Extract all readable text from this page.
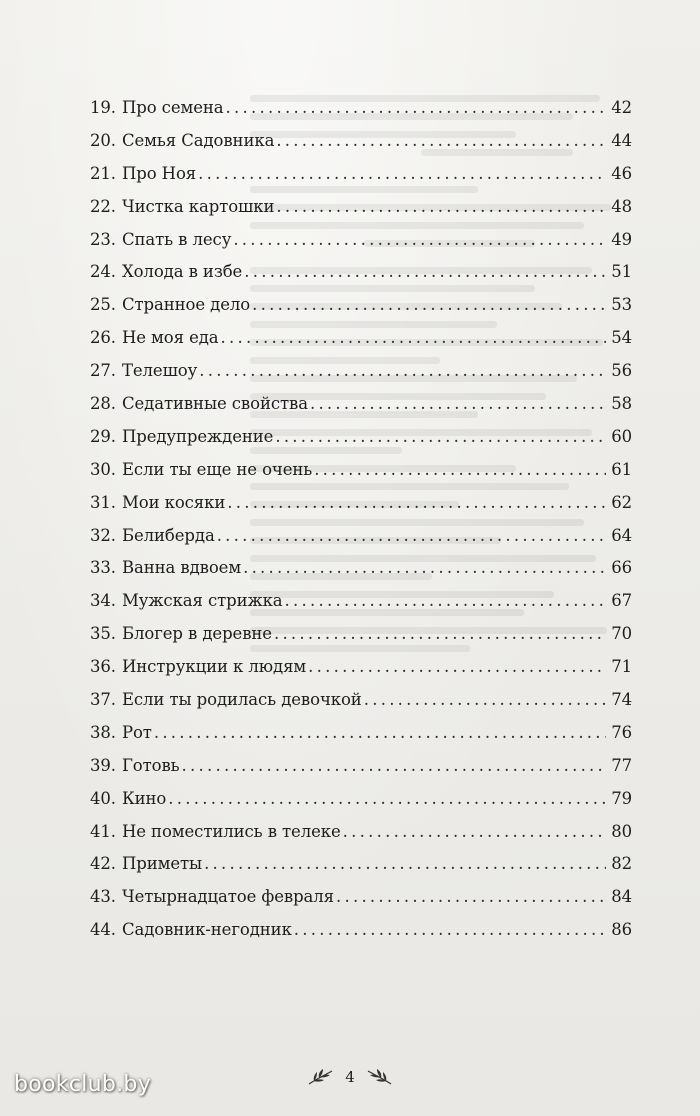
19. Про семена . . .	42
20. Семья Садовника . . .	44
21. Про Ноя . . .	46
22. Чистка картошки . . .	48
23. Спать в лесу . . .	49
24. Холода в избе . . .	51
25. Странное дело . . .	53
26. Не моя еда . . .	54
27. Телешоу . . .	56
28. Седативные свойства . . .	58
29. Предупреждение . . .	60
30. Если ты еще не очень . . .	61
31. Мои косяки . . .	62
32. Белиберда . . .	64
33. Ванна вдвоем . . .	66
34. Мужская стрижка . . .	67
35. Блогер в деревне . . .	70
36. Инструкции к людям . . .	71
37. Если ты родилась девочкой . . .	74
38. Рот . . .	76
39. Готовь . . .	77
40. Кино . . .	79
41. Не поместились в телеке . . .	80
42. Приметы . . .	82
43. Четырнадцатое февраля . . .	84
44. Садовник-негодник . . .	86
4
bookclub.by
